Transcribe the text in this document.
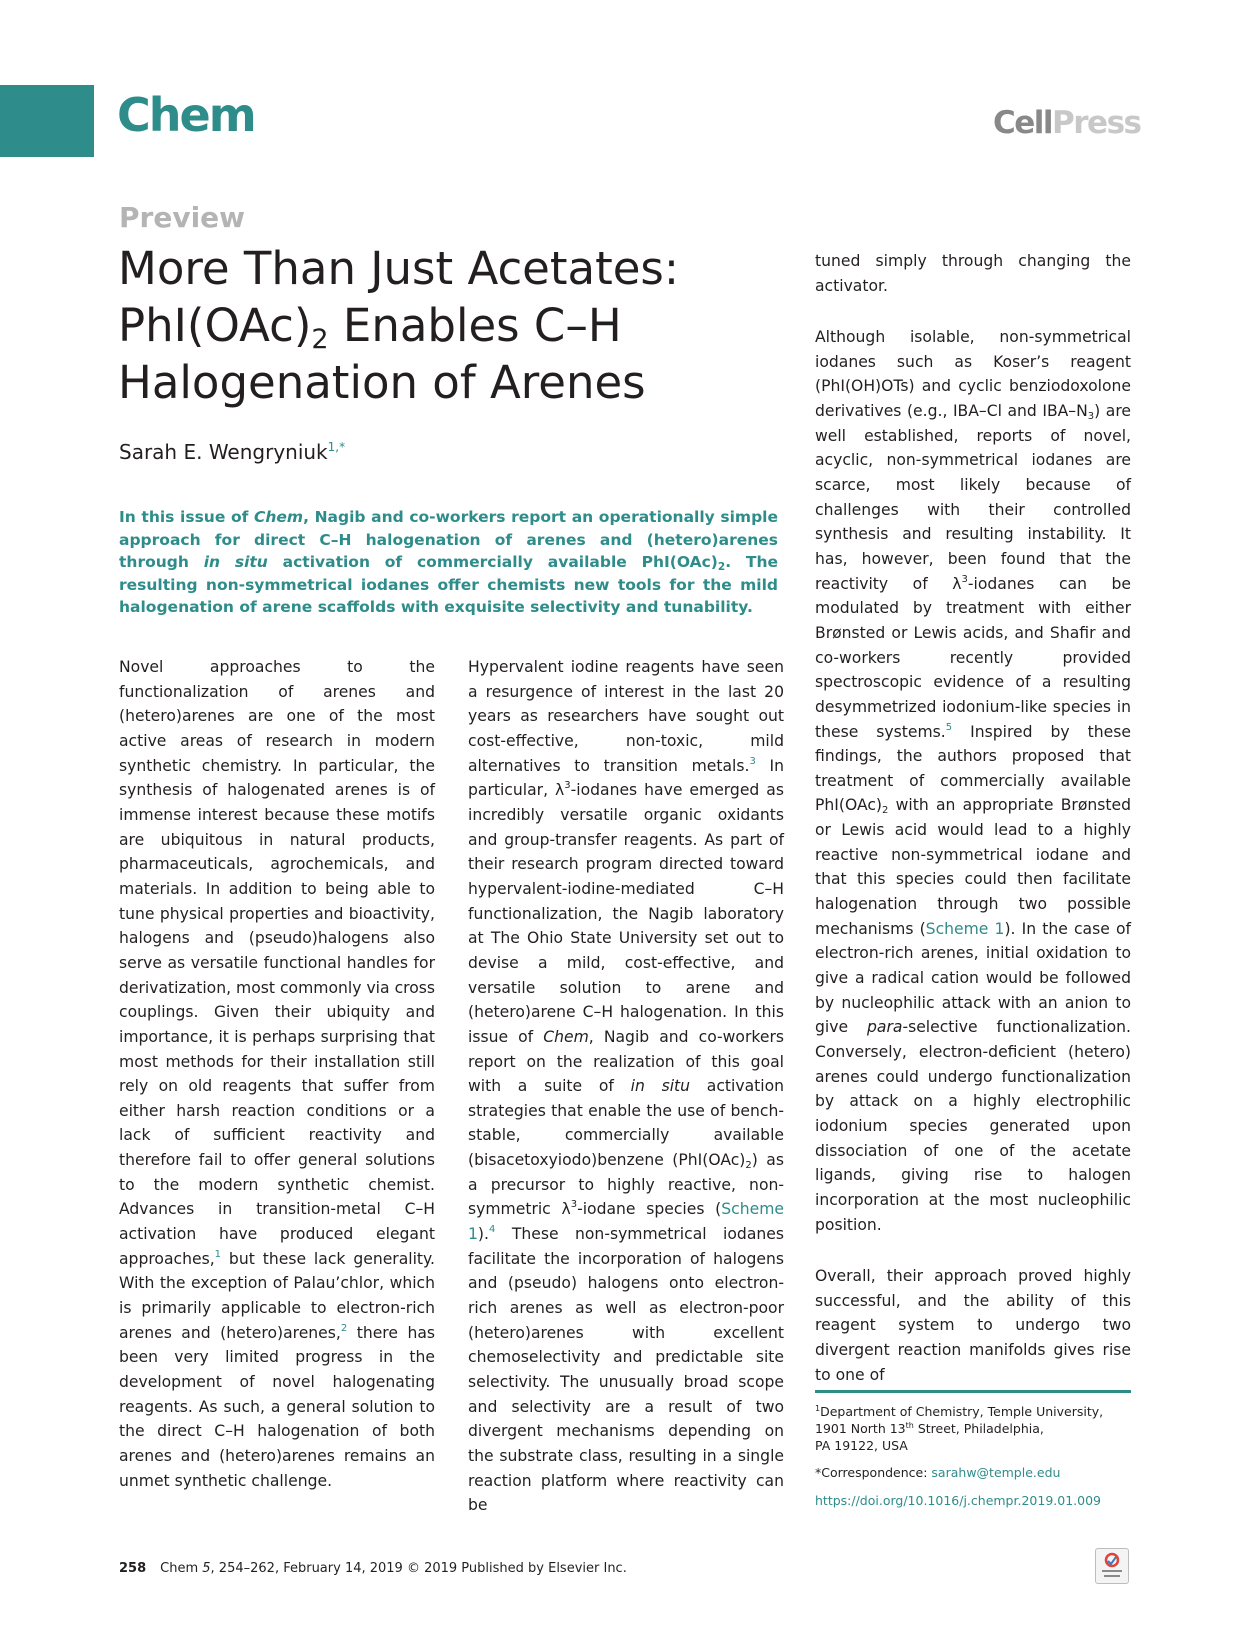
Chem	CellPress
Preview
More Than Just Acetates:
$PhI(OAc)_2$ Enables C–H
Halogenation of Arenes
Sarah E. Wengryniuk$^{1,*}$

In this issue of Chem, Nagib and co-workers report an operationally simple approach for direct C–H halogenation of arenes and (hetero)arenes through in situ activation of commercially available $PhI(OAc)_2$. The resulting non-symmetrical iodanes offer chemists new tools for the mild halogenation of arene scaffolds with exquisite selectivity and tunability.

Novel approaches to the functionalization of arenes and (hetero)arenes are one of the most active areas of research in modern synthetic chemistry. In particular, the synthesis of halogenated arenes is of immense interest because these motifs are ubiquitous in natural products, pharmaceuticals, agrochemicals, and materials. In addition to being able to tune physical properties and bioactivity, halogens and (pseudo)halogens also serve as versatile functional handles for derivatization, most commonly via cross couplings. Given their ubiquity and importance, it is perhaps surprising that most methods for their installation still rely on old reagents that suffer from either harsh reaction conditions or a lack of sufficient reactivity and therefore fail to offer general solutions to the modern synthetic chemist. Advances in transition-metal C–H activation have produced elegant approaches,$^1$ but these lack generality. With the exception of Palau’chlor, which is primarily applicable to electron-rich arenes and (hetero)arenes,$^2$ there has been very limited progress in the development of novel halogenating reagents. As such, a general solution to the direct C–H halogenation of both arenes and (hetero)arenes remains an unmet synthetic challenge.

Hypervalent iodine reagents have seen a resurgence of interest in the last 20 years as researchers have sought out cost-effective, non-toxic, mild alternatives to transition metals.$^3$ In particular, $\lambda^3$-iodanes have emerged as incredibly versatile organic oxidants and group-transfer reagents. As part of their research program directed toward hypervalent-iodine-mediated C–H functionalization, the Nagib laboratory at The Ohio State University set out to devise a mild, cost-effective, and versatile solution to arene and (hetero)arene C–H halogenation. In this issue of Chem, Nagib and co-workers report on the realization of this goal with a suite of in situ activation strategies that enable the use of bench-stable, commercially available (bisacetoxyiodo)benzene $(PhI(OAc)_2)$ as a precursor to highly reactive, non-symmetric $\lambda^3$-iodane species (Scheme 1).$^4$ These non-symmetrical iodanes facilitate the incorporation of halogens and (pseudo) halogens onto electron-rich arenes as well as electron-poor (hetero)arenes with excellent chemoselectivity and predictable site selectivity. The unusually broad scope and selectivity are a result of two divergent mechanisms depending on the substrate class, resulting in a single reaction platform where reactivity can be

tuned simply through changing the activator.

Although isolable, non-symmetrical iodanes such as Koser’s reagent (PhI(OH)OTs) and cyclic benziodoxolone derivatives (e.g., IBA–Cl and IBA–$N_3$) are well established, reports of novel, acyclic, non-symmetrical iodanes are scarce, most likely because of challenges with their controlled synthesis and resulting instability. It has, however, been found that the reactivity of $\lambda^3$-iodanes can be modulated by treatment with either Brønsted or Lewis acids, and Shafir and co-workers recently provided spectroscopic evidence of a resulting desymmetrized iodonium-like species in these systems.$^5$ Inspired by these findings, the authors proposed that treatment of commercially available $PhI(OAc)_2$ with an appropriate Brønsted or Lewis acid would lead to a highly reactive non-symmetrical iodane and that this species could then facilitate halogenation through two possible mechanisms (Scheme 1). In the case of electron-rich arenes, initial oxidation to give a radical cation would be followed by nucleophilic attack with an anion to give para-selective functionalization. Conversely, electron-deficient (hetero) arenes could undergo functionalization by attack on a highly electrophilic iodonium species generated upon dissociation of one of the acetate ligands, giving rise to halogen incorporation at the most nucleophilic position.

Overall, their approach proved highly successful, and the ability of this reagent system to undergo two divergent reaction manifolds gives rise to one of

$^1$Department of Chemistry, Temple University,
1901 North 13th Street, Philadelphia,
PA 19122, USA

*Correspondence: sarahw@temple.edu
https://doi.org/10.1016/j.chempr.2019.01.009
258 Chem 5, 254–262, February 14, 2019 © 2019 Published by Elsevier Inc.
